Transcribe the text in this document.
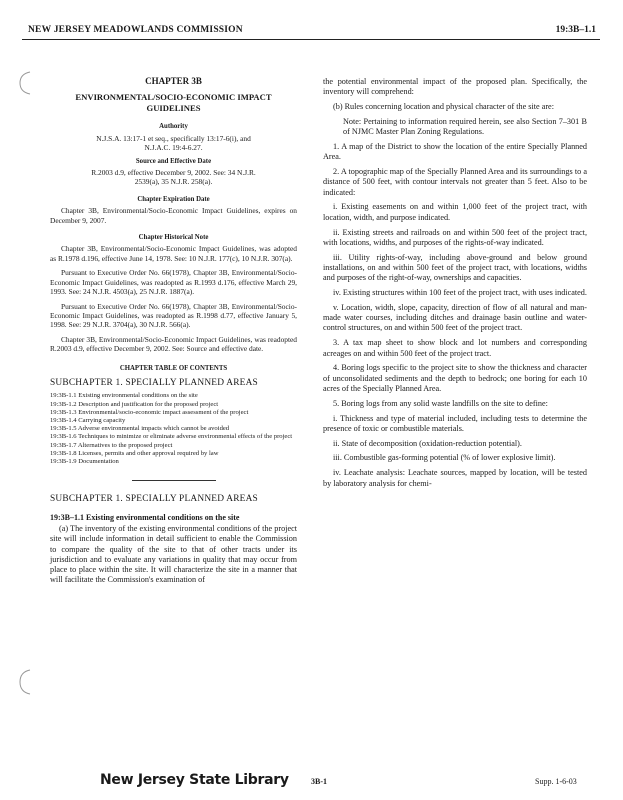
NEW JERSEY MEADOWLANDS COMMISSION	19:3B–1.1
CHAPTER 3B
ENVIRONMENTAL/SOCIO-ECONOMIC IMPACT GUIDELINES
Authority
N.J.S.A. 13:17-1 et seq., specifically 13:17-6(i), and N.J.A.C. 19:4-6.27.
Source and Effective Date
R.2003 d.9, effective December 9, 2002. See: 34 N.J.R. 2539(a), 35 N.J.R. 258(a).
Chapter Expiration Date
Chapter 3B, Environmental/Socio-Economic Impact Guidelines, expires on December 9, 2007.
Chapter Historical Note
Chapter 3B, Environmental/Socio-Economic Impact Guidelines, was adopted as R.1978 d.196, effective June 14, 1978. See: 10 N.J.R. 177(c), 10 N.J.R. 307(a).
Pursuant to Executive Order No. 66(1978), Chapter 3B, Environmental/Socio-Economic Impact Guidelines, was readopted as R.1993 d.176, effective March 29, 1993. See: 24 N.J.R. 4503(a), 25 N.J.R. 1887(a).
Pursuant to Executive Order No. 66(1978), Chapter 3B, Environmental/Socio-Economic Impact Guidelines, was readopted as R.1998 d.77, effective January 5, 1998. See: 29 N.J.R. 3704(a), 30 N.J.R. 566(a).
Chapter 3B, Environmental/Socio-Economic Impact Guidelines, was readopted R.2003 d.9, effective December 9, 2002. See: Source and effective date.
CHAPTER TABLE OF CONTENTS
SUBCHAPTER 1. SPECIALLY PLANNED AREAS
19:3B-1.1 Existing environmental conditions on the site
19:3B-1.2 Description and justification for the proposed project
19:3B-1.3 Environmental/socio-economic impact assessment of the project
19:3B-1.4 Carrying capacity
19:3B-1.5 Adverse environmental impacts which cannot be avoided
19:3B-1.6 Techniques to minimize or eliminate adverse environmental effects of the project
19:3B-1.7 Alternatives to the proposed project
19:3B-1.8 Licenses, permits and other approval required by law
19:3B-1.9 Documentation
SUBCHAPTER 1. SPECIALLY PLANNED AREAS
19:3B–1.1 Existing environmental conditions on the site

(a) The inventory of the existing environmental conditions of the project site will include information in detail sufficient to enable the Commission to compare the quality of the site to that of other tracts under its jurisdiction and to evaluate any variations in quality that may occur from place to place within the site. It will characterize the site in a manner that will facilitate the Commission's examination of

the potential environmental impact of the proposed plan. Specifically, the inventory will comprehend:

(b) Rules concerning location and physical character of the site are:

Note: Pertaining to information required herein, see also Section 7–301 B of NJMC Master Plan Zoning Regulations.

1. A map of the District to show the location of the entire Specially Planned Area.

2. A topographic map of the Specially Planned Area and its surroundings to a distance of 500 feet, with contour intervals not greater than 5 feet. Also to be indicated:

i. Existing easements on and within 1,000 feet of the project tract, with location, width, and purpose indicated.

ii. Existing streets and railroads on and within 500 feet of the project tract, with locations, widths, and purposes of the rights-of-way indicated.

iii. Utility rights-of-way, including above-ground and below ground installations, on and within 500 feet of the project tract, with locations, widths and purposes of the right-of-way, ownerships and capacities.

iv. Existing structures within 100 feet of the project tract, with uses indicated.

v. Location, width, slope, capacity, direction of flow of all natural and man-made water courses, including ditches and drainage basin outline and water-control structures, on and within 500 feet of the project tract.

3. A tax map sheet to show block and lot numbers and corresponding acreages on and within 500 feet of the project tract.

4. Boring logs specific to the project site to show the thickness and character of unconsolidated sediments and the depth to bedrock; one boring for each 10 acres of the Specially Planned Area.

5. Boring logs from any solid waste landfills on the site to define:

i. Thickness and type of material included, including tests to determine the presence of toxic or combustible materials.

ii. State of decomposition (oxidation-reduction potential).

iii. Combustible gas-forming potential (% of lower explosive limit).

iv. Leachate analysis: Leachate sources, mapped by location, will be tested by laboratory analysis for chemi-

New Jersey State Library	3B-1	Supp. 1-6-03
